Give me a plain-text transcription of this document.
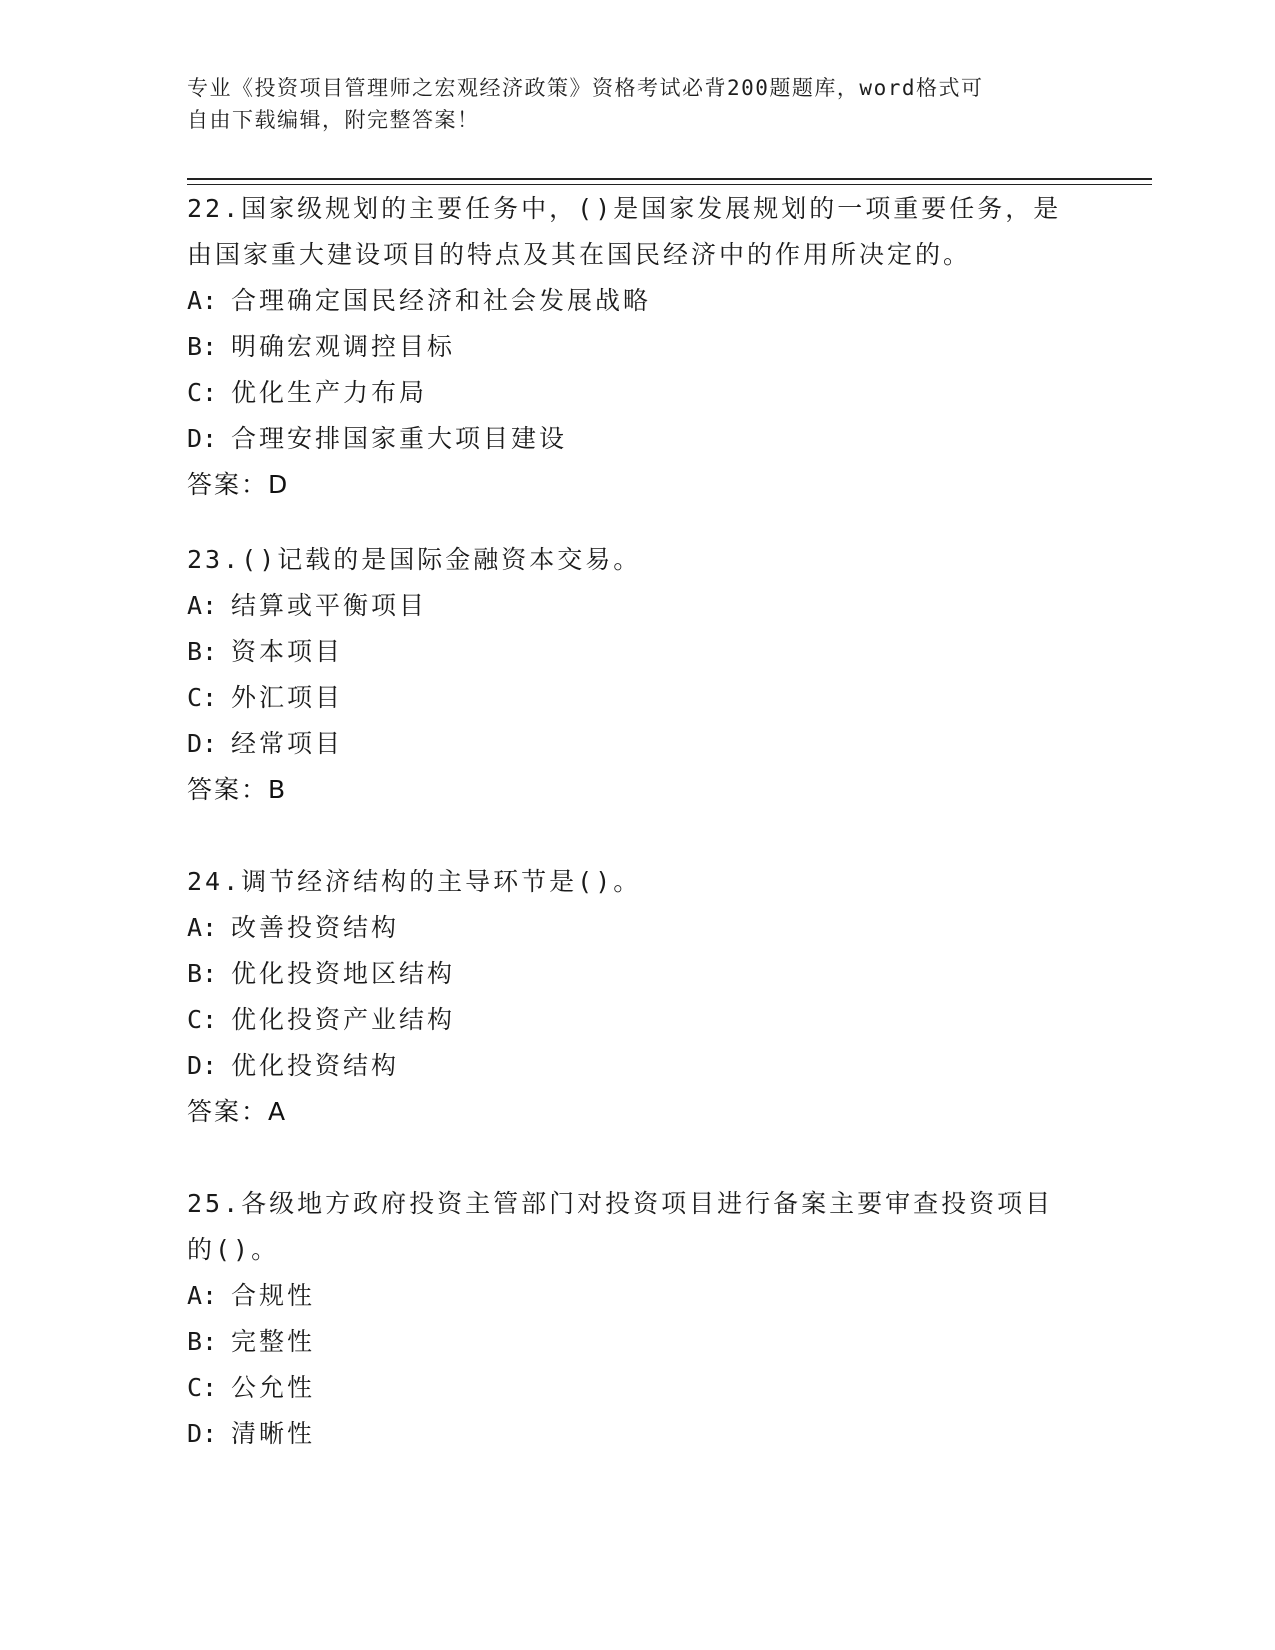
专业《投资项目管理师之宏观经济政策》资格考试必背200题题库，word格式可
自由下载编辑，附完整答案！

22.国家级规划的主要任务中，()是国家发展规划的一项重要任务，是

由国家重大建设项目的特点及其在国民经济中的作用所决定的。

A: 合理确定国民经济和社会发展战略

B: 明确宏观调控目标

C: 优化生产力布局

D: 合理安排国家重大项目建设

答案：D

23.()记载的是国际金融资本交易。

A: 结算或平衡项目

B: 资本项目

C: 外汇项目

D: 经常项目

答案：B

24.调节经济结构的主导环节是()。

A: 改善投资结构

B: 优化投资地区结构

C: 优化投资产业结构

D: 优化投资结构

答案：A

25.各级地方政府投资主管部门对投资项目进行备案主要审查投资项目

的()。

A: 合规性

B: 完整性

C: 公允性

D: 清晰性
